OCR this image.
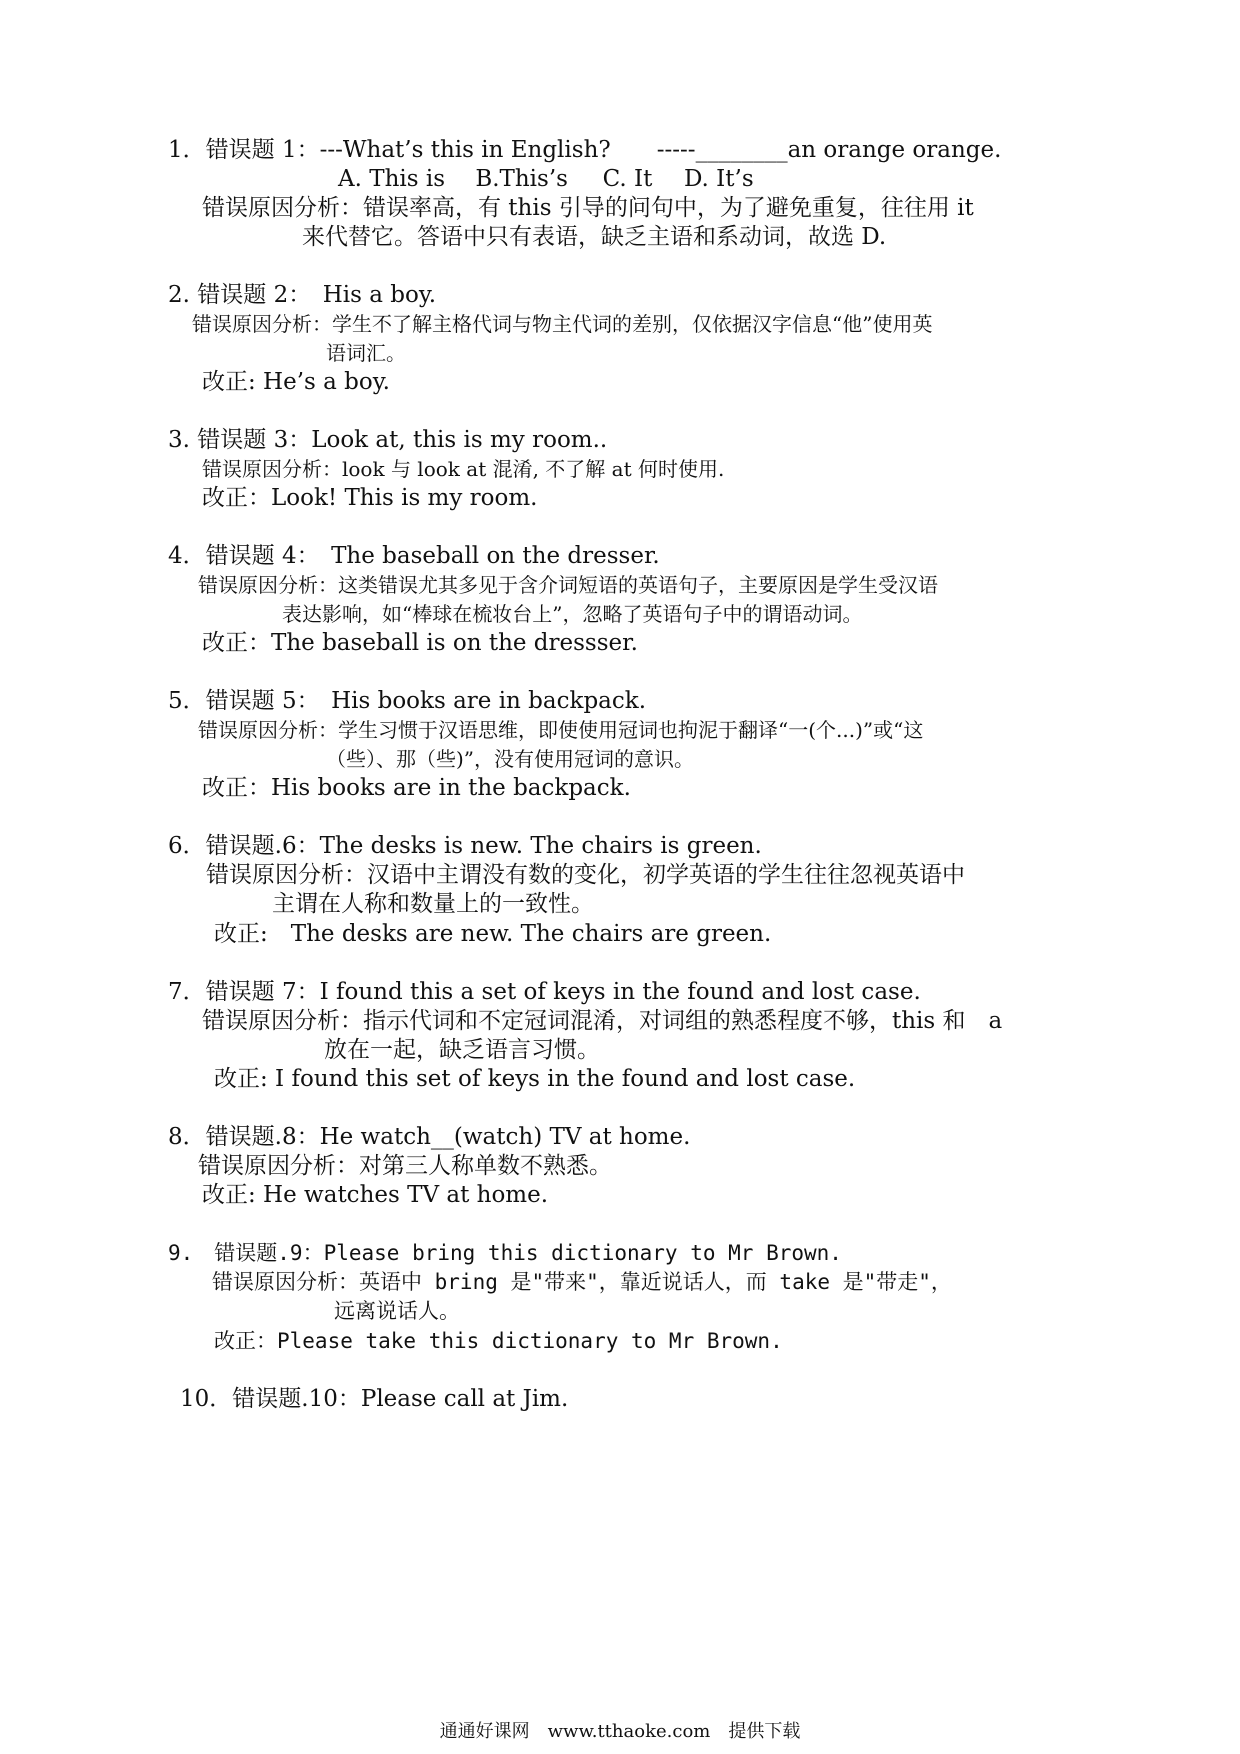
1．错误题 1：---What’s this in English?　　-----________an orange orange.
A. This is B.This’s C. It D. It’s
错误原因分析：错误率高，有 this 引导的问句中，为了避免重复，往往用 it
来代替它。答语中只有表语，缺乏主语和系动词，故选 D.
2. 错误题 2：　His a boy.
错误原因分析：学生不了解主格代词与物主代词的差别，仅依据汉字信息“他”使用英
语词汇。
改正: He’s a boy.
3. 错误题 3：Look at, this is my room..
错误原因分析：look 与 look at 混淆, 不了解 at 何时使用.
改正：Look! This is my room.
4．错误题 4：　The baseball on the dresser.
错误原因分析：这类错误尤其多见于含介词短语的英语句子，主要原因是学生受汉语
表达影响，如“棒球在梳妆台上”，忽略了英语句子中的谓语动词。
改正：The baseball is on the dressser.
5．错误题 5：　His books are in backpack.
错误原因分析：学生习惯于汉语思维，即使使用冠词也拘泥于翻译“一(个...)”或“这
（些）、那（些)”，没有使用冠词的意识。
改正：His books are in the backpack.
6．错误题.6：The desks is new. The chairs is green.
错误原因分析：汉语中主谓没有数的变化，初学英语的学生往往忽视英语中
主谓在人称和数量上的一致性。
改正:　The desks are new. The chairs are green.
7．错误题 7：I found this a set of keys in the found and lost case.
错误原因分析：指示代词和不定冠词混淆，对词组的熟悉程度不够，this 和　a
放在一起，缺乏语言习惯。
改正: I found this set of keys in the found and lost case.
8．错误题.8：He watch__(watch) TV at home.
错误原因分析：对第三人称单数不熟悉。
改正: He watches TV at home.
9.　错误题.9：Please bring this dictionary to Mr Brown.
错误原因分析：英语中 bring 是"带来"，靠近说话人，而 take 是"带走"，
远离说话人。
改正：Please take this dictionary to Mr Brown.
10．错误题.10：Please call at Jim.
通通好课网　www.tthaoke.com　提供下载
